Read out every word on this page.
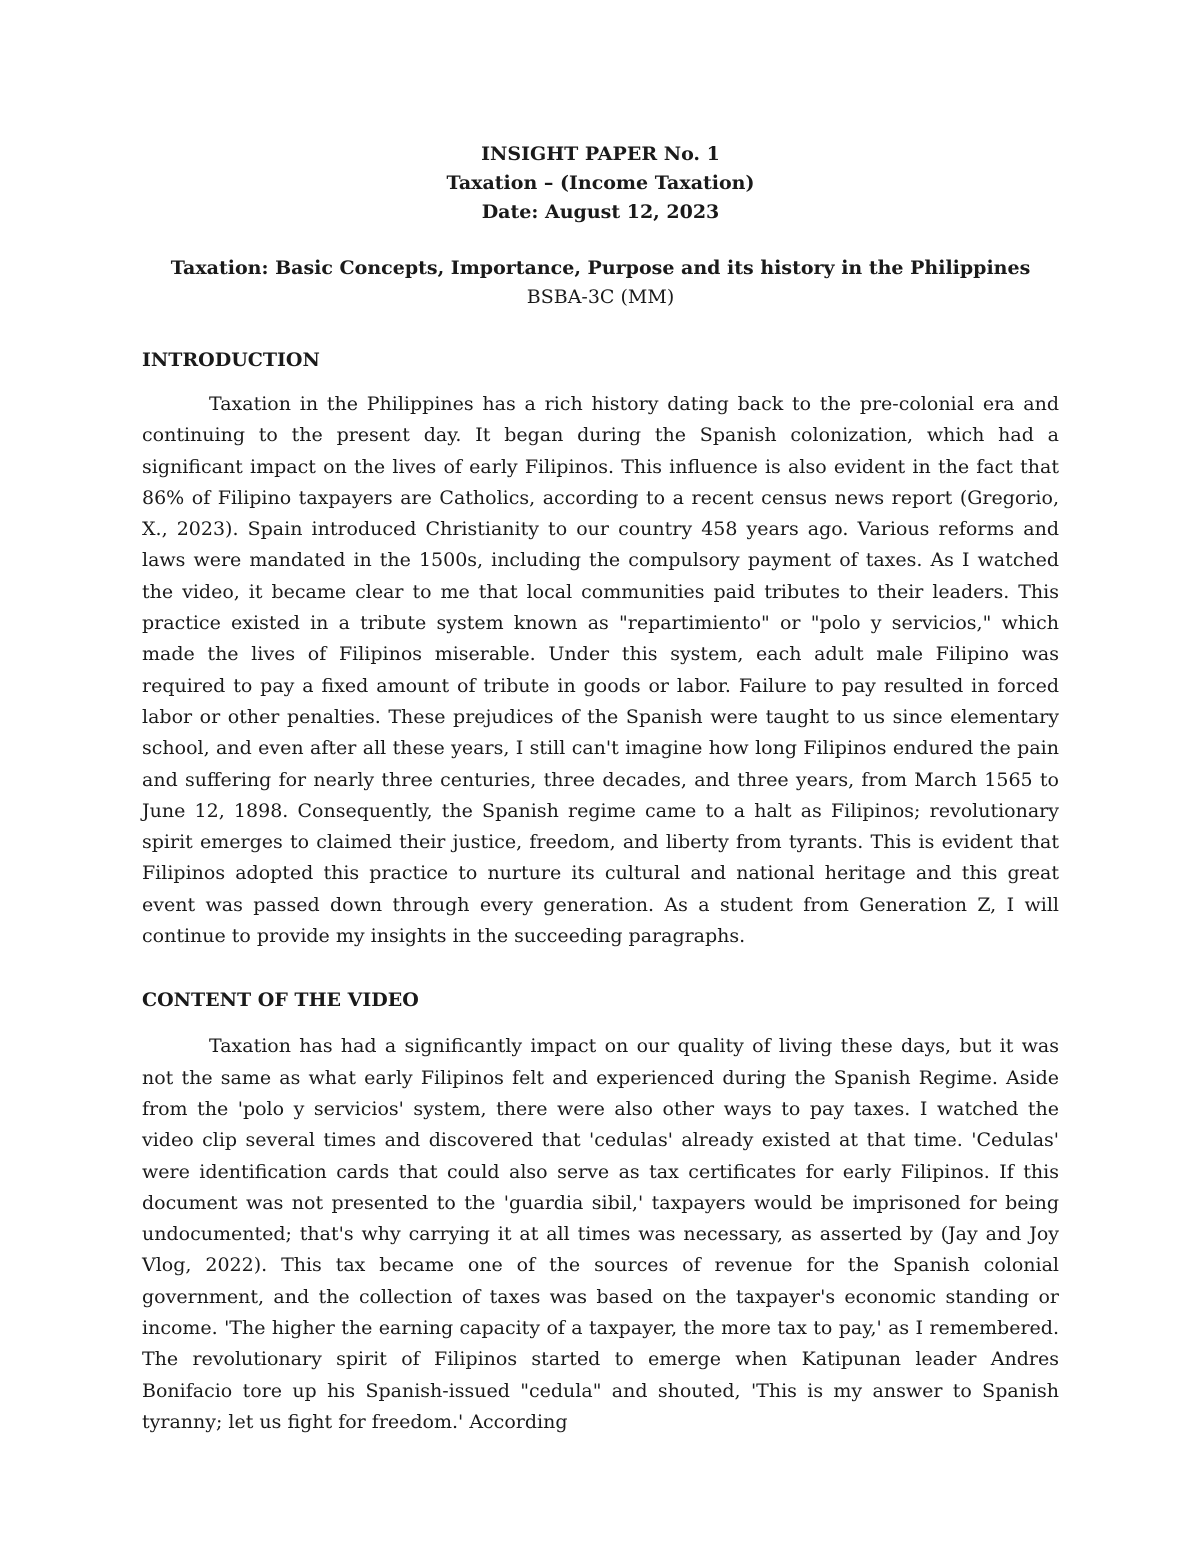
INSIGHT PAPER No. 1
Taxation – (Income Taxation)
Date: August 12, 2023
Taxation: Basic Concepts, Importance, Purpose and its history in the Philippines
BSBA-3C (MM)
INTRODUCTION

Taxation in the Philippines has a rich history dating back to the pre-colonial era and continuing to the present day. It began during the Spanish colonization, which had a significant impact on the lives of early Filipinos. This influence is also evident in the fact that 86% of Filipino taxpayers are Catholics, according to a recent census news report (Gregorio, X., 2023). Spain introduced Christianity to our country 458 years ago. Various reforms and laws were mandated in the 1500s, including the compulsory payment of taxes. As I watched the video, it became clear to me that local communities paid tributes to their leaders. This practice existed in a tribute system known as "repartimiento" or "polo y servicios," which made the lives of Filipinos miserable. Under this system, each adult male Filipino was required to pay a fixed amount of tribute in goods or labor. Failure to pay resulted in forced labor or other penalties. These prejudices of the Spanish were taught to us since elementary school, and even after all these years, I still can't imagine how long Filipinos endured the pain and suffering for nearly three centuries, three decades, and three years, from March 1565 to June 12, 1898. Consequently, the Spanish regime came to a halt as Filipinos; revolutionary spirit emerges to claimed their justice, freedom, and liberty from tyrants. This is evident that Filipinos adopted this practice to nurture its cultural and national heritage and this great event was passed down through every generation. As a student from Generation Z, I will continue to provide my insights in the succeeding paragraphs.

CONTENT OF THE VIDEO

Taxation has had a significantly impact on our quality of living these days, but it was not the same as what early Filipinos felt and experienced during the Spanish Regime. Aside from the 'polo y servicios' system, there were also other ways to pay taxes. I watched the video clip several times and discovered that 'cedulas' already existed at that time. 'Cedulas' were identification cards that could also serve as tax certificates for early Filipinos. If this document was not presented to the 'guardia sibil,' taxpayers would be imprisoned for being undocumented; that's why carrying it at all times was necessary, as asserted by (Jay and Joy Vlog, 2022). This tax became one of the sources of revenue for the Spanish colonial government, and the collection of taxes was based on the taxpayer's economic standing or income. 'The higher the earning capacity of a taxpayer, the more tax to pay,' as I remembered. The revolutionary spirit of Filipinos started to emerge when Katipunan leader Andres Bonifacio tore up his Spanish-issued "cedula" and shouted, 'This is my answer to Spanish tyranny; let us fight for freedom.' According
